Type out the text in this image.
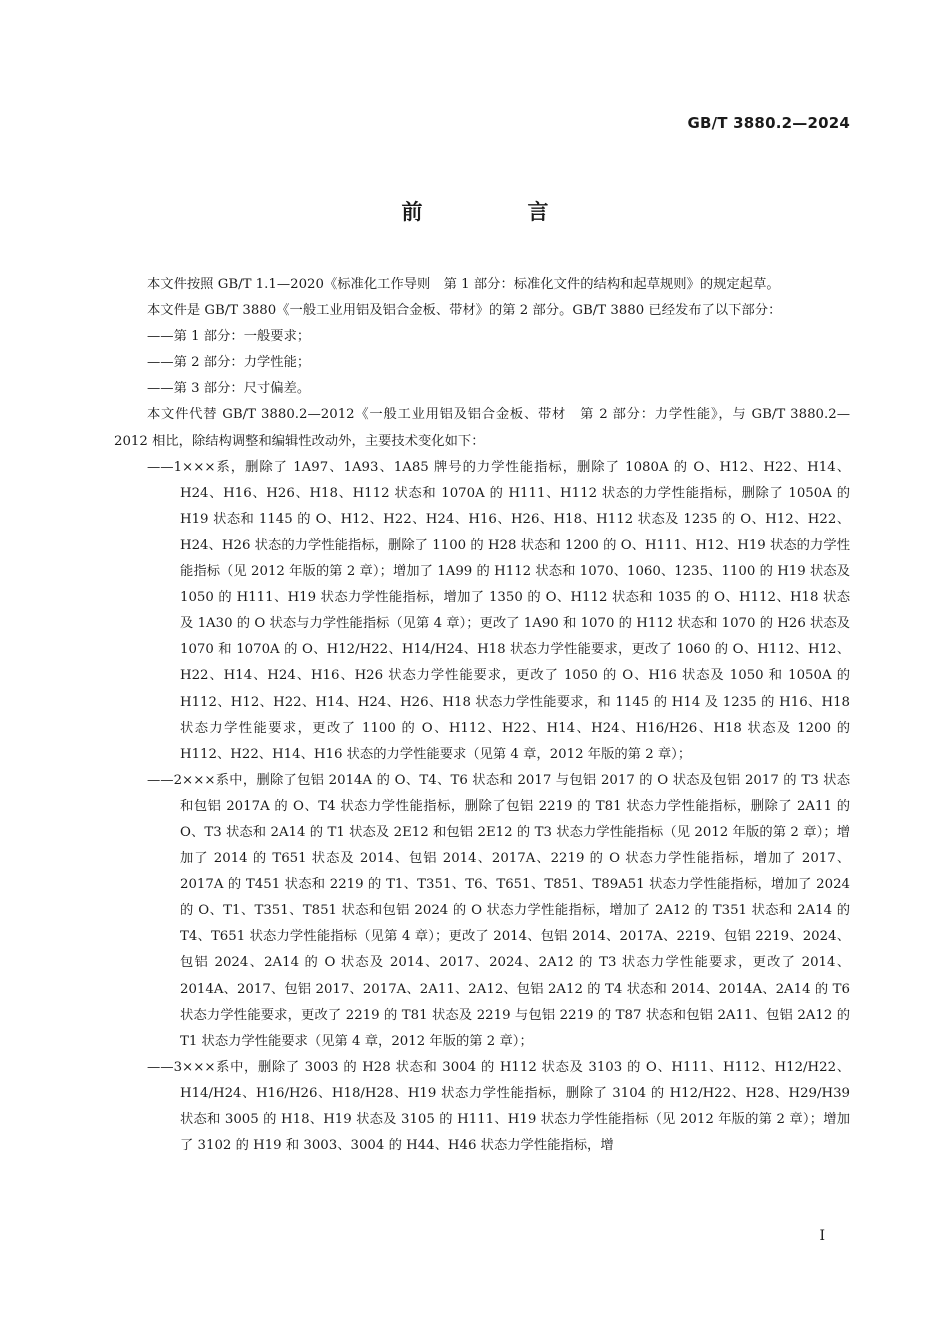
GB/T 3880.2—2024
前　言

本文件按照 GB/T 1.1—2020《标准化工作导则　第 1 部分：标准化文件的结构和起草规则》的规定起草。

本文件是 GB/T 3880《一般工业用铝及铝合金板、带材》的第 2 部分。GB/T 3880 已经发布了以下部分：

——第 1 部分：一般要求；

——第 2 部分：力学性能；

——第 3 部分：尺寸偏差。

本文件代替 GB/T 3880.2—2012《一般工业用铝及铝合金板、带材　第 2 部分：力学性能》，与 GB/T 3880.2—2012 相比，除结构调整和编辑性改动外，主要技术变化如下：

——1×××系，删除了 1A97、1A93、1A85 牌号的力学性能指标，删除了 1080A 的 O、H12、H22、H14、H24、H16、H26、H18、H112 状态和 1070A 的 H111、H112 状态的力学性能指标，删除了 1050A 的 H19 状态和 1145 的 O、H12、H22、H24、H16、H26、H18、H112 状态及 1235 的 O、H12、H22、H24、H26 状态的力学性能指标，删除了 1100 的 H28 状态和 1200 的 O、H111、H12、H19 状态的力学性能指标（见 2012 年版的第 2 章）；增加了 1A99 的 H112 状态和 1070、1060、1235、1100 的 H19 状态及 1050 的 H111、H19 状态力学性能指标，增加了 1350 的 O、H112 状态和 1035 的 O、H112、H18 状态及 1A30 的 O 状态与力学性能指标（见第 4 章）；更改了 1A90 和 1070 的 H112 状态和 1070 的 H26 状态及 1070 和 1070A 的 O、H12/H22、H14/H24、H18 状态力学性能要求，更改了 1060 的 O、H112、H12、H22、H14、H24、H16、H26 状态力学性能要求，更改了 1050 的 O、H16 状态及 1050 和 1050A 的 H112、H12、H22、H14、H24、H26、H18 状态力学性能要求，和 1145 的 H14 及 1235 的 H16、H18 状态力学性能要求，更改了 1100 的 O、H112、H22、H14、H24、H16/H26、H18 状态及 1200 的 H112、H22、H14、H16 状态的力学性能要求（见第 4 章，2012 年版的第 2 章）；

——2×××系中，删除了包铝 2014A 的 O、T4、T6 状态和 2017 与包铝 2017 的 O 状态及包铝 2017 的 T3 状态和包铝 2017A 的 O、T4 状态力学性能指标，删除了包铝 2219 的 T81 状态力学性能指标，删除了 2A11 的 O、T3 状态和 2A14 的 T1 状态及 2E12 和包铝 2E12 的 T3 状态力学性能指标（见 2012 年版的第 2 章）；增加了 2014 的 T651 状态及 2014、包铝 2014、2017A、2219 的 O 状态力学性能指标，增加了 2017、2017A 的 T451 状态和 2219 的 T1、T351、T6、T651、T851、T89A51 状态力学性能指标，增加了 2024 的 O、T1、T351、T851 状态和包铝 2024 的 O 状态力学性能指标，增加了 2A12 的 T351 状态和 2A14 的 T4、T651 状态力学性能指标（见第 4 章）；更改了 2014、包铝 2014、2017A、2219、包铝 2219、2024、包铝 2024、2A14 的 O 状态及 2014、2017、2024、2A12 的 T3 状态力学性能要求，更改了 2014、2014A、2017、包铝 2017、2017A、2A11、2A12、包铝 2A12 的 T4 状态和 2014、2014A、2A14 的 T6 状态力学性能要求，更改了 2219 的 T81 状态及 2219 与包铝 2219 的 T87 状态和包铝 2A11、包铝 2A12 的 T1 状态力学性能要求（见第 4 章，2012 年版的第 2 章）；

——3×××系中，删除了 3003 的 H28 状态和 3004 的 H112 状态及 3103 的 O、H111、H112、H12/H22、H14/H24、H16/H26、H18/H28、H19 状态力学性能指标，删除了 3104 的 H12/H22、H28、H29/H39 状态和 3005 的 H18、H19 状态及 3105 的 H111、H19 状态力学性能指标（见 2012 年版的第 2 章）；增加了 3102 的 H19 和 3003、3004 的 H44、H46 状态力学性能指标，增

I
